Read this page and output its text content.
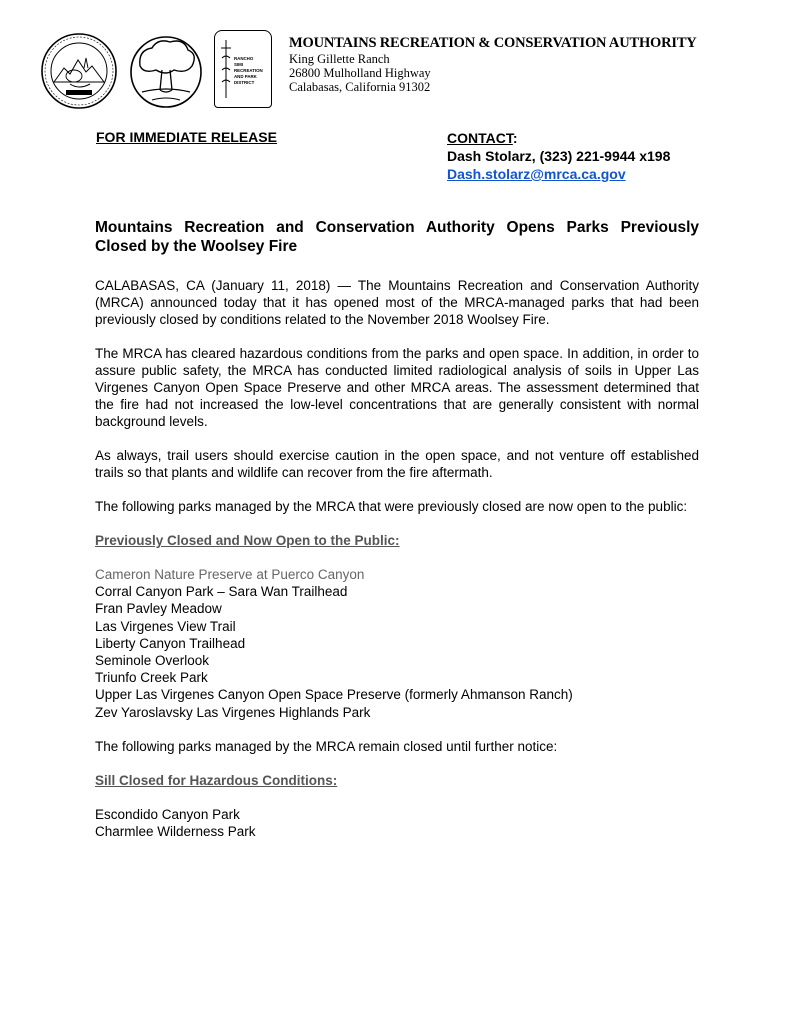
RANCHO
SIMI
RECREATION
AND PARK
DISTRICT

MOUNTAINS RECREATION & CONSERVATION AUTHORITY

King Gillette Ranch

26800 Mulholland Highway

Calabasas, California 91302

FOR IMMEDIATE RELEASE	CONTACT:

Dash Stolarz, (323) 221-9944 x198

Dash.stolarz@mrca.ca.gov

Mountains Recreation and Conservation Authority Opens Parks Previously Closed by the Woolsey Fire

CALABASAS, CA (January 11, 2018) — The Mountains Recreation and Conservation Authority (MRCA) announced today that it has opened most of the MRCA-managed parks that had been previously closed by conditions related to the November 2018 Woolsey Fire.

The MRCA has cleared hazardous conditions from the parks and open space. In addition, in order to assure public safety, the MRCA has conducted limited radiological analysis of soils in Upper Las Virgenes Canyon Open Space Preserve and other MRCA areas. The assessment determined that the fire had not increased the low-level concentrations that are generally consistent with normal background levels.

As always, trail users should exercise caution in the open space, and not venture off established trails so that plants and wildlife can recover from the fire aftermath.

The following parks managed by the MRCA that were previously closed are now open to the public:

Previously Closed and Now Open to the Public:

Cameron Nature Preserve at Puerco Canyon
Corral Canyon Park – Sara Wan Trailhead
Fran Pavley Meadow
Las Virgenes View Trail
Liberty Canyon Trailhead
Seminole Overlook
Triunfo Creek Park
Upper Las Virgenes Canyon Open Space Preserve (formerly Ahmanson Ranch)
Zev Yaroslavsky Las Virgenes Highlands Park

The following parks managed by the MRCA remain closed until further notice:

Sill Closed for Hazardous Conditions:

Escondido Canyon Park
Charmlee Wilderness Park
